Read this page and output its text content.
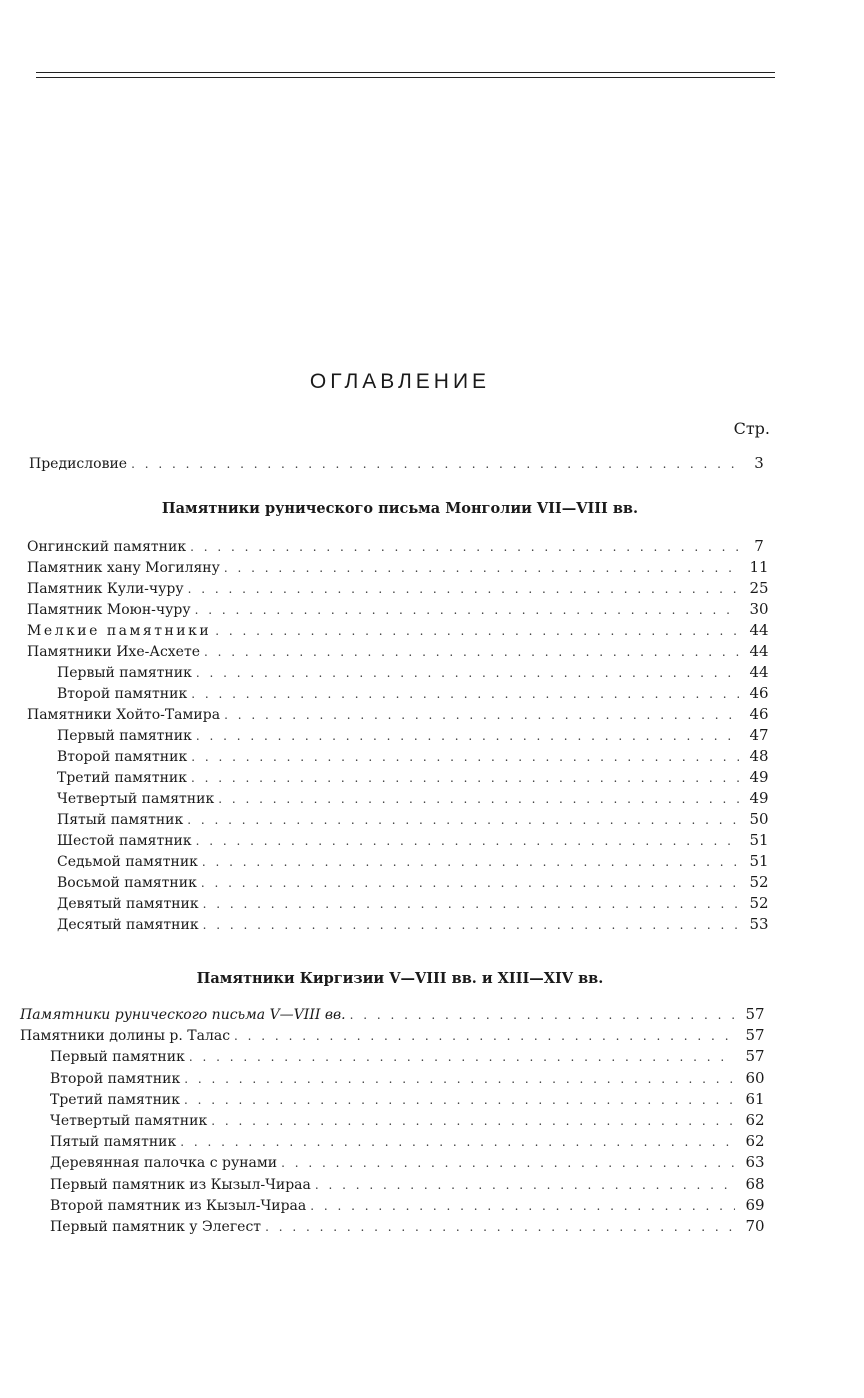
ОГЛАВЛЕНИЕ
Стр.
Предисловие . . .	3
Памятники рунического письма Монголии VII—VIII вв.
Онгинский памятник . . .	7
Памятник хану Могиляну . . .	11
Памятник Кули-чуру . . .	25
Памятник Моюн-чуру . . .	30
Мелкие памятники . . .	44
Памятники Ихе-Асхете . . .	44
Первый памятник . . .	44
Второй памятник . . .	46
Памятники Хойто-Тамира . . .	46
Первый памятник . . .	47
Второй памятник . . .	48
Третий памятник . . .	49
Четвертый памятник . . .	49
Пятый памятник . . .	50
Шестой памятник . . .	51
Седьмой памятник . . .	51
Восьмой памятник . . .	52
Девятый памятник . . .	52
Десятый памятник . . .	53
Памятники Киргизии V—VIII вв. и XIII—XIV вв.
Памятники рунического письма V—VIII вв. . . .	57
Памятники долины р. Талас . . .	57
Первый памятник . . .	57
Второй памятник . . .	60
Третий памятник . . .	61
Четвертый памятник . . .	62
Пятый памятник . . .	62
Деревянная палочка с рунами . . .	63
Первый памятник из Кызыл-Чираа . . .	68
Второй памятник из Кызыл-Чираа . . .	69
Первый памятник у Элегест . . .	70
